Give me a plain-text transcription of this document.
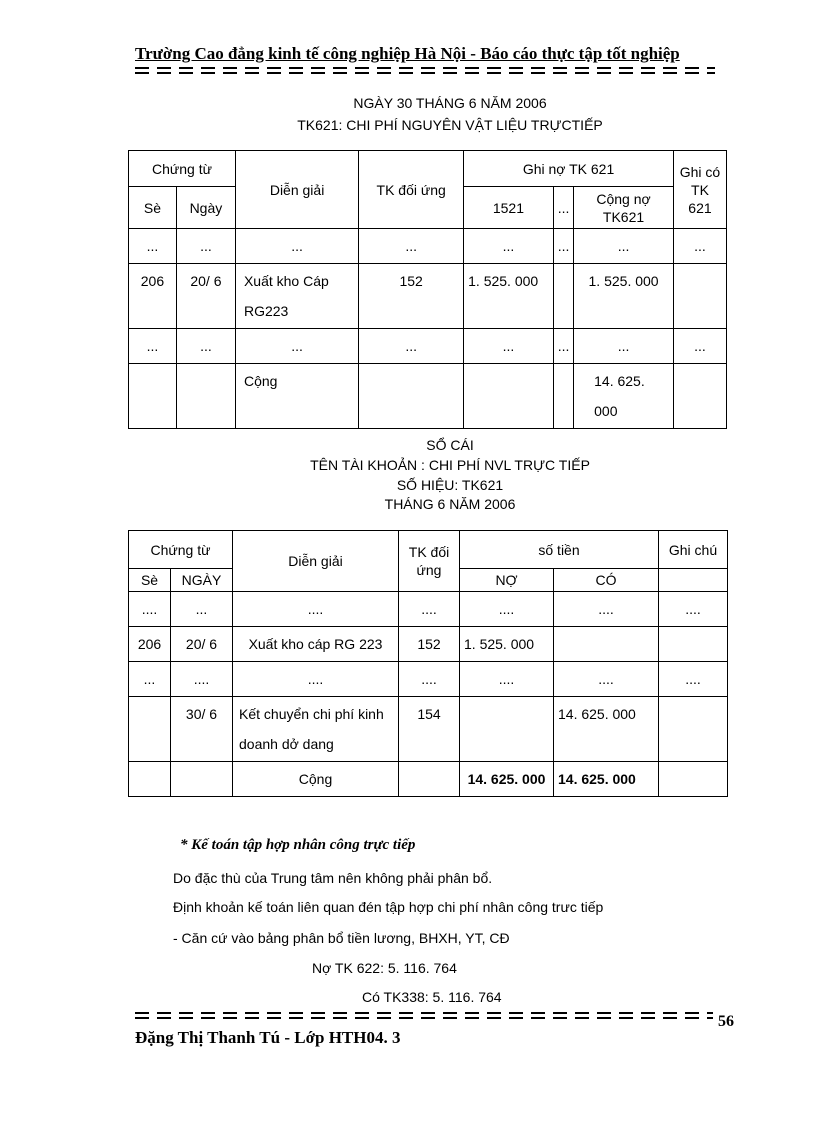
Trường Cao đẳng kinh tế công nghiệp Hà Nội - Báo cáo thực tập tốt nghiệp
NGÀY 30 THÁNG 6 NĂM 2006
TK621: CHI PHÍ NGUYÊN VẬT LIỆU TRỰCTIẾP
Chứng từ		Diễn giải	TK đối ứng	Ghi nợ TK 621			Ghi có TK 621
Sè	Ngày			1521	...	Cộng nợ TK621	
...	...	...	...	...	...	...	...
206	20/ 6	Xuất kho Cáp RG223	152	1. 525. 000		1. 525. 000	
...	...	...	...	...	...	...	...
		Cộng				14. 625. 000	
SỔ CÁI
TÊN TÀI KHOẢN : CHI PHÍ NVL TRỰC TIẾP
SỐ HIỆU: TK621
THÁNG 6 NĂM 2006
Chứng từ		Diễn giải	TK đối ứng	số tiền		Ghi chú
Sè	NGÀY			NỢ	CÓ	
....	...	....	....	....	....	....
206	20/ 6	Xuất kho cáp RG 223	152	1. 525. 000		
...	....	....	....	....	....	....
	30/ 6	Kết chuyển chi phí kinh doanh dở dang	154		14. 625. 000	
		Cộng		14. 625. 000	14. 625. 000	
* Kế toán tập hợp nhân công trực tiếp
Do đặc thù của Trung tâm nên không phải phân bổ.
Định khoản kế toán liên quan đén tập hợp chi phí nhân công trưc tiếp
- Căn cứ vào bảng phân bổ tiền lương, BHXH, YT, CĐ
Nợ TK 622: 5. 116. 764
Có TK338: 5. 116. 764
56
Đặng Thị Thanh Tú - Lớp HTH04. 3
